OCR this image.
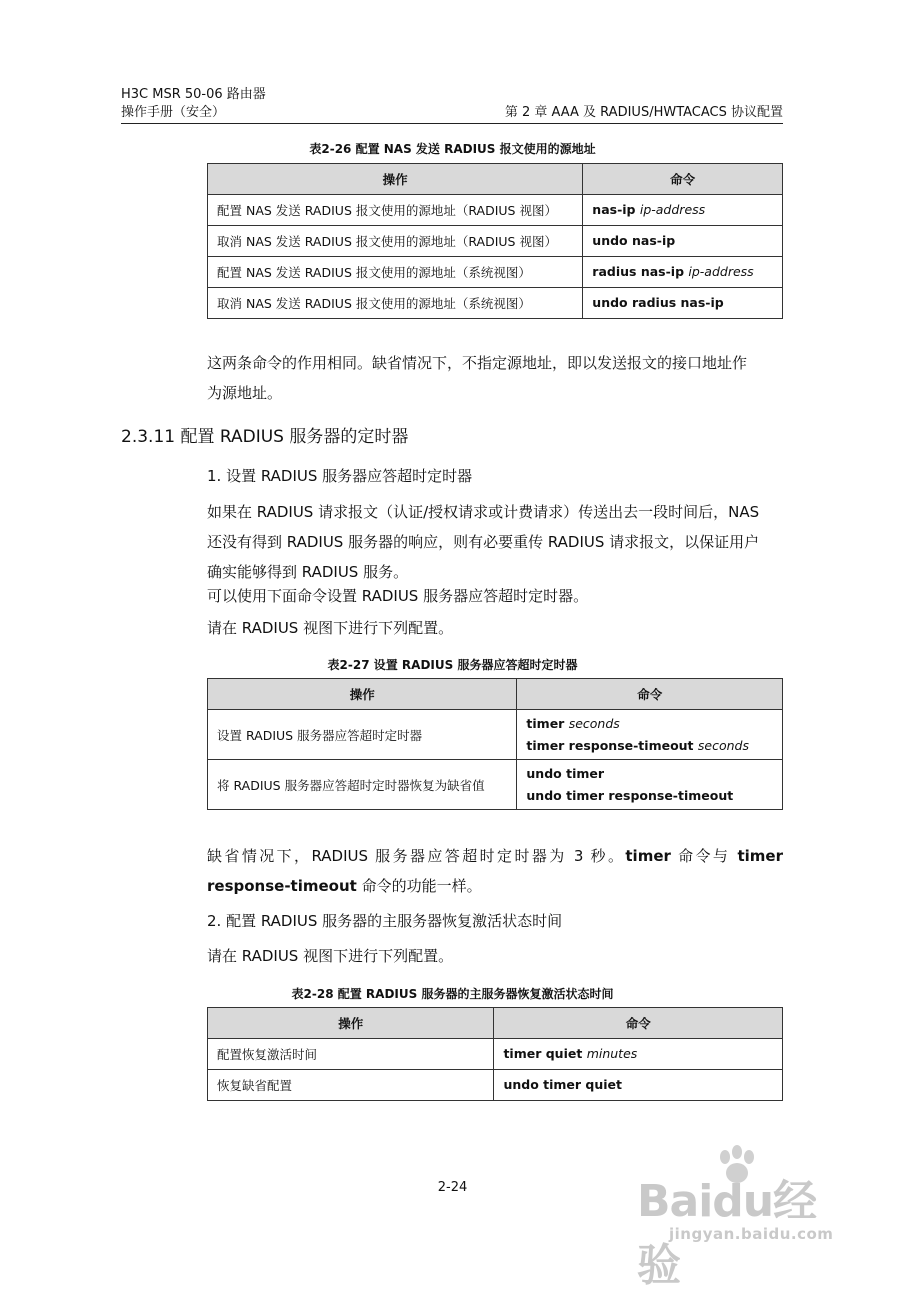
H3C MSR 50-06 路由器
操作手册（安全）	第 2 章 AAA 及 RADIUS/HWTACACS 协议配置
表2-26 配置 NAS 发送 RADIUS 报文使用的源地址
操作	命令
配置 NAS 发送 RADIUS 报文使用的源地址（RADIUS 视图）	nas-ip ip-address
取消 NAS 发送 RADIUS 报文使用的源地址（RADIUS 视图）	undo nas-ip
配置 NAS 发送 RADIUS 报文使用的源地址（系统视图）	radius nas-ip ip-address
取消 NAS 发送 RADIUS 报文使用的源地址（系统视图）	undo radius nas-ip
这两条命令的作用相同。缺省情况下，不指定源地址，即以发送报文的接口地址作
为源地址。
2.3.11 配置 RADIUS 服务器的定时器
1. 设置 RADIUS 服务器应答超时定时器
如果在 RADIUS 请求报文（认证/授权请求或计费请求）传送出去一段时间后，NAS
还没有得到 RADIUS 服务器的响应，则有必要重传 RADIUS 请求报文，以保证用户
确实能够得到 RADIUS 服务。
可以使用下面命令设置 RADIUS 服务器应答超时定时器。
请在 RADIUS 视图下进行下列配置。
表2-27 设置 RADIUS 服务器应答超时定时器
操作	命令
设置 RADIUS 服务器应答超时定时器	timer seconds
timer response-timeout seconds

将 RADIUS 服务器应答超时定时器恢复为缺省值	undo timer
undo timer response-timeout
缺省情况下，RADIUS 服务器应答超时定时器为 3 秒。timer 命令与 timer
response-timeout 命令的功能一样。
2. 配置 RADIUS 服务器的主服务器恢复激活状态时间
请在 RADIUS 视图下进行下列配置。
表2-28 配置 RADIUS 服务器的主服务器恢复激活状态时间
操作	命令
配置恢复激活时间	timer quiet minutes
恢复缺省配置	undo timer quiet
2-24	Baidu经验
jingyan.baidu.com
